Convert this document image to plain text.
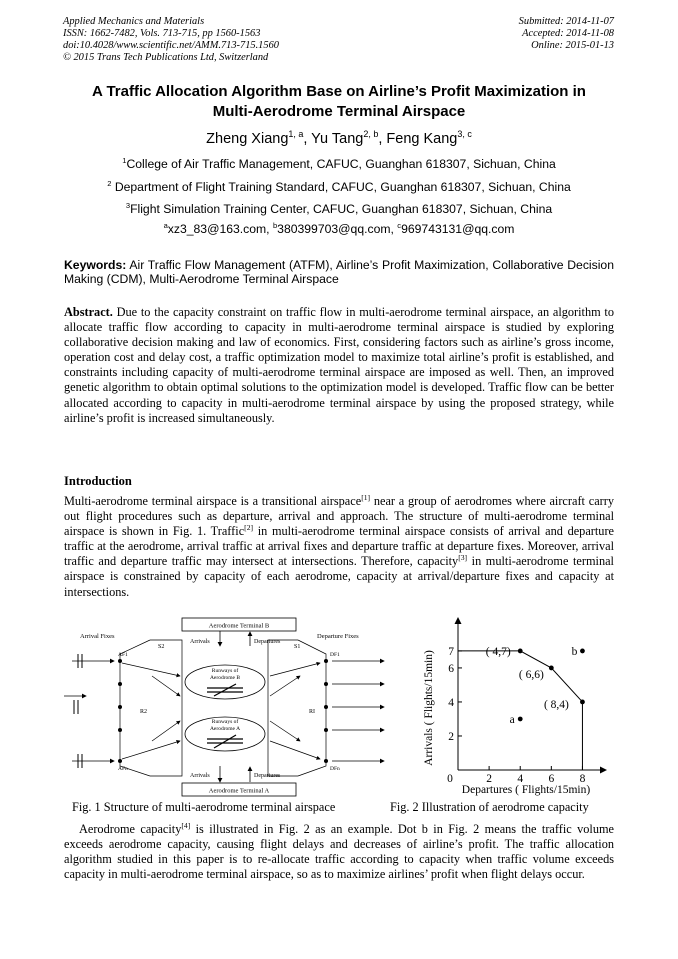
Applied Mechanics and Materials
ISSN: 1662-7482, Vols. 713-715, pp 1560-1563
doi:10.4028/www.scientific.net/AMM.713-715.1560
© 2015 Trans Tech Publications Ltd, Switzerland
Submitted: 2014-11-07
Accepted: 2014-11-08
Online: 2015-01-13
A Traffic Allocation Algorithm Base on Airline’s Profit Maximization in
Multi-Aerodrome Terminal Airspace
Zheng Xiang$^{1, a}$, Yu Tang$^{2, b}$, Feng Kang$^{3, c}$
$^1$College of Air Traffic Management, CAFUC, Guanghan 618307, Sichuan, China
$^2$ Department of Flight Training Standard, CAFUC, Guanghan 618307, Sichuan, China
$^3$Flight Simulation Training Center, CAFUC, Guanghan 618307, Sichuan, China
$^a$xz3_83@163.com, $^b$380399703@qq.com, $^c$969743131@qq.com
Keywords: Air Traffic Flow Management (ATFM), Airline’s Profit Maximization, Collaborative Decision Making (CDM), Multi-Aerodrome Terminal Airspace
Abstract. Due to the capacity constraint on traffic flow in multi-aerodrome terminal airspace, an algorithm to allocate traffic flow according to capacity in multi-aerodrome terminal airspace is studied by exploring collaborative decision making and law of economics. First, considering factors such as airline’s gross income, operation cost and delay cost, a traffic optimization model to maximize total airline’s profit is established, and constraints including capacity of multi-aerodrome terminal airspace are imposed as well. Then, an improved genetic algorithm to obtain optimal solutions to the optimization model is developed. Traffic flow can be better allocated according to capacity in multi-aerodrome terminal airspace by using the proposed strategy, while airline’s profit is increased simultaneously.
Introduction
Multi-aerodrome terminal airspace is a transitional airspace[1] near a group of aerodromes where aircraft carry out flight procedures such as departure, arrival and approach. The structure of multi-aerodrome terminal airspace is shown in Fig. 1. Traffic[2] in multi-aerodrome terminal airspace consists of arrival and departure traffic at the aerodrome, arrival traffic at arrival fixes and departure traffic at departure fixes. Moreover, arrival traffic and departure traffic may intersect at intersections. Therefore, capacity[3] in multi-aerodrome terminal airspace is constrained by capacity of each aerodrome, capacity at arrival/departure fixes and capacity at intersections.
Aerodrome Terminal B
Aerodrome Terminal A
Arrival Fixes	Departure Fixes
Arrivals	Departures
Arrivals	Departures
S2	S1
R2	RI
AF1
AFn
DF1
DFn
Runways of
Aerodrome B
Runways of
Aerodrome A
0	2 4 6 8
2
4
6
7	( 4,7)
( 6,6)
( 8,4)
a
b
Departures ( Flights/15min)
Arrivals ( Flights/15min)
Fig. 1 Structure of multi-aerodrome terminal airspace	Fig. 2 Illustration of aerodrome capacity
Aerodrome capacity[4] is illustrated in Fig. 2 as an example. Dot b in Fig. 2 means the traffic volume exceeds aerodrome capacity, causing flight delays and decreases of airline’s profit. The traffic allocation algorithm studied in this paper is to re-allocate traffic according to capacity when traffic volume exceeds capacity in multi-aerodrome terminal airspace, so as to maximize airlines’ profit when flight delays occur.
